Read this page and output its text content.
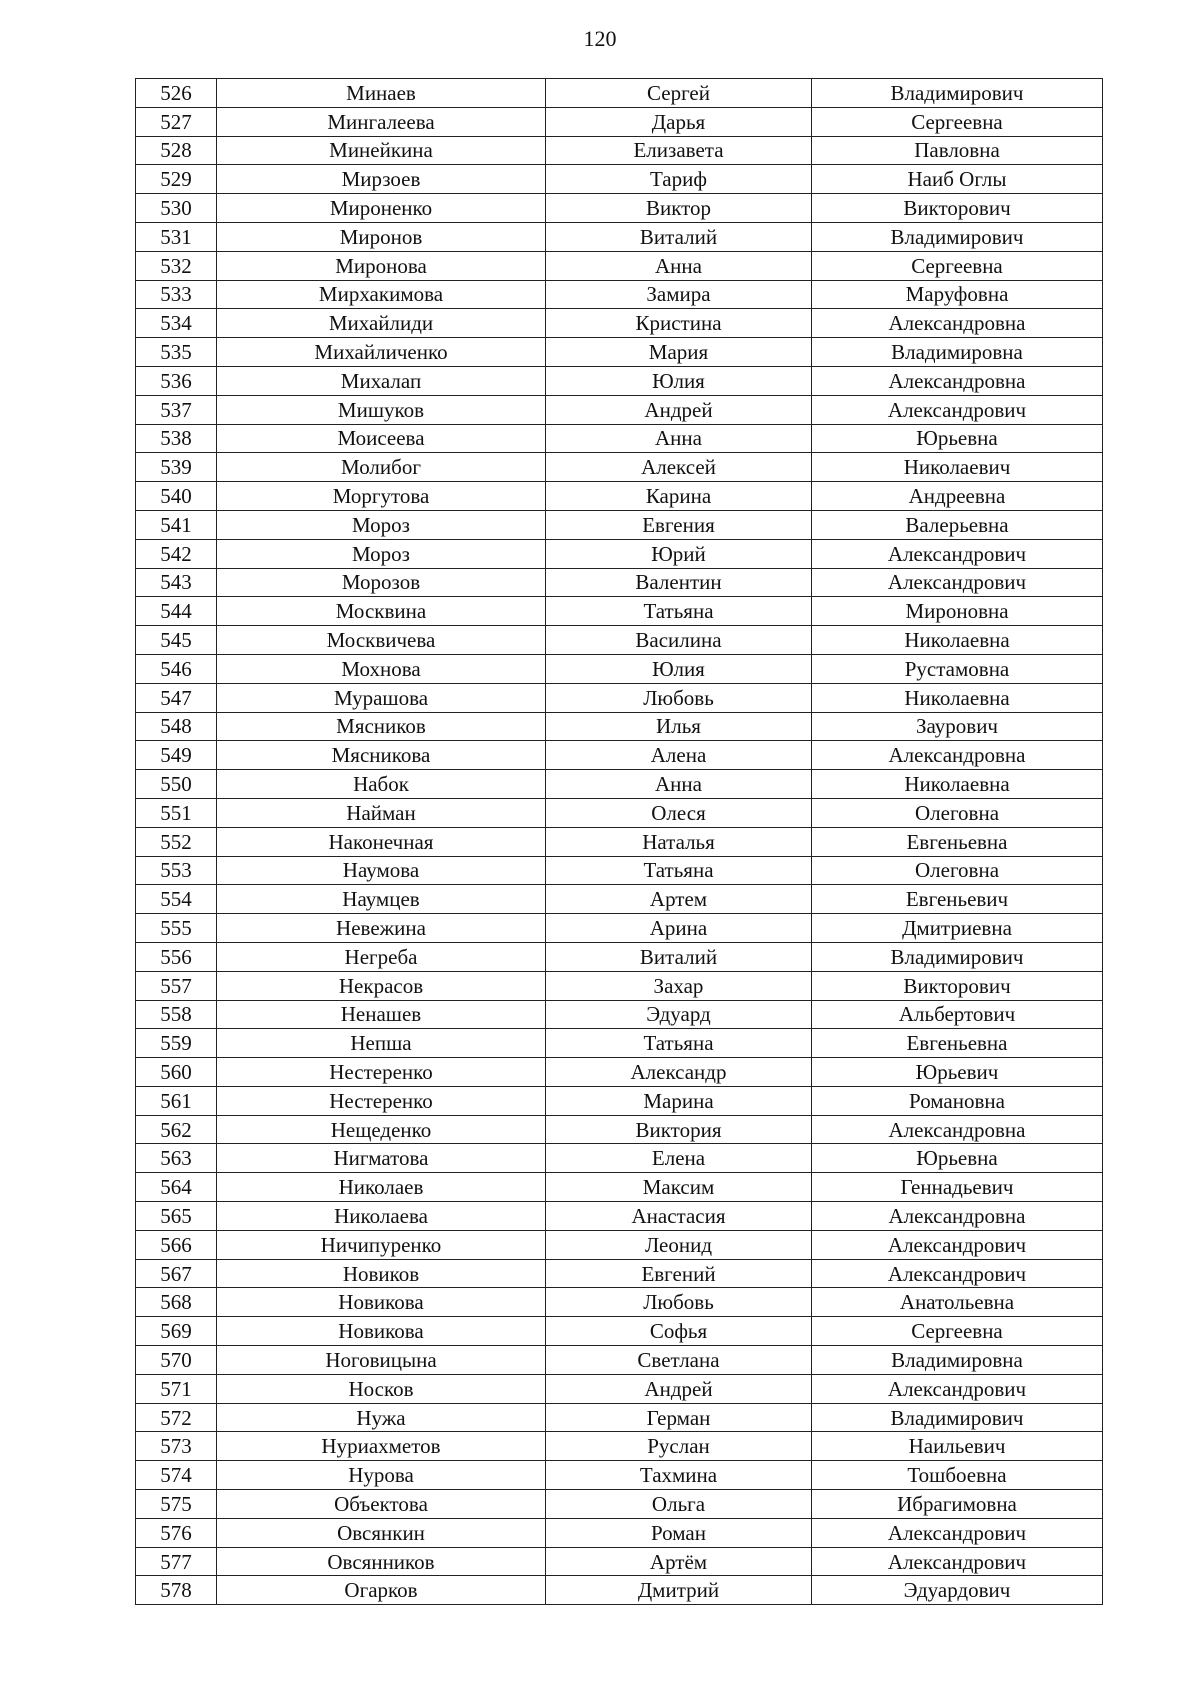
120
526	Минаев	Сергей	Владимирович
527	Мингалеева	Дарья	Сергеевна
528	Минейкина	Елизавета	Павловна
529	Мирзоев	Тариф	Наиб Оглы
530	Мироненко	Виктор	Викторович
531	Миронов	Виталий	Владимирович
532	Миронова	Анна	Сергеевна
533	Мирхакимова	Замира	Маруфовна
534	Михайлиди	Кристина	Александровна
535	Михайличенко	Мария	Владимировна
536	Михалап	Юлия	Александровна
537	Мишуков	Андрей	Александрович
538	Моисеева	Анна	Юрьевна
539	Молибог	Алексей	Николаевич
540	Моргутова	Карина	Андреевна
541	Мороз	Евгения	Валерьевна
542	Мороз	Юрий	Александрович
543	Морозов	Валентин	Александрович
544	Москвина	Татьяна	Мироновна
545	Москвичева	Василина	Николаевна
546	Мохнова	Юлия	Рустамовна
547	Мурашова	Любовь	Николаевна
548	Мясников	Илья	Заурович
549	Мясникова	Алена	Александровна
550	Набок	Анна	Николаевна
551	Найман	Олеся	Олеговна
552	Наконечная	Наталья	Евгеньевна
553	Наумова	Татьяна	Олеговна
554	Наумцев	Артем	Евгеньевич
555	Невежина	Арина	Дмитриевна
556	Негреба	Виталий	Владимирович
557	Некрасов	Захар	Викторович
558	Ненашев	Эдуард	Альбертович
559	Непша	Татьяна	Евгеньевна
560	Нестеренко	Александр	Юрьевич
561	Нестеренко	Марина	Романовна
562	Нещеденко	Виктория	Александровна
563	Нигматова	Елена	Юрьевна
564	Николаев	Максим	Геннадьевич
565	Николаева	Анастасия	Александровна
566	Ничипуренко	Леонид	Александрович
567	Новиков	Евгений	Александрович
568	Новикова	Любовь	Анатольевна
569	Новикова	Софья	Сергеевна
570	Ноговицына	Светлана	Владимировна
571	Носков	Андрей	Александрович
572	Нужа	Герман	Владимирович
573	Нуриахметов	Руслан	Наильевич
574	Нурова	Тахмина	Тошбоевна
575	Объектова	Ольга	Ибрагимовна
576	Овсянкин	Роман	Александрович
577	Овсянников	Артём	Александрович
578	Огарков	Дмитрий	Эдуардович
